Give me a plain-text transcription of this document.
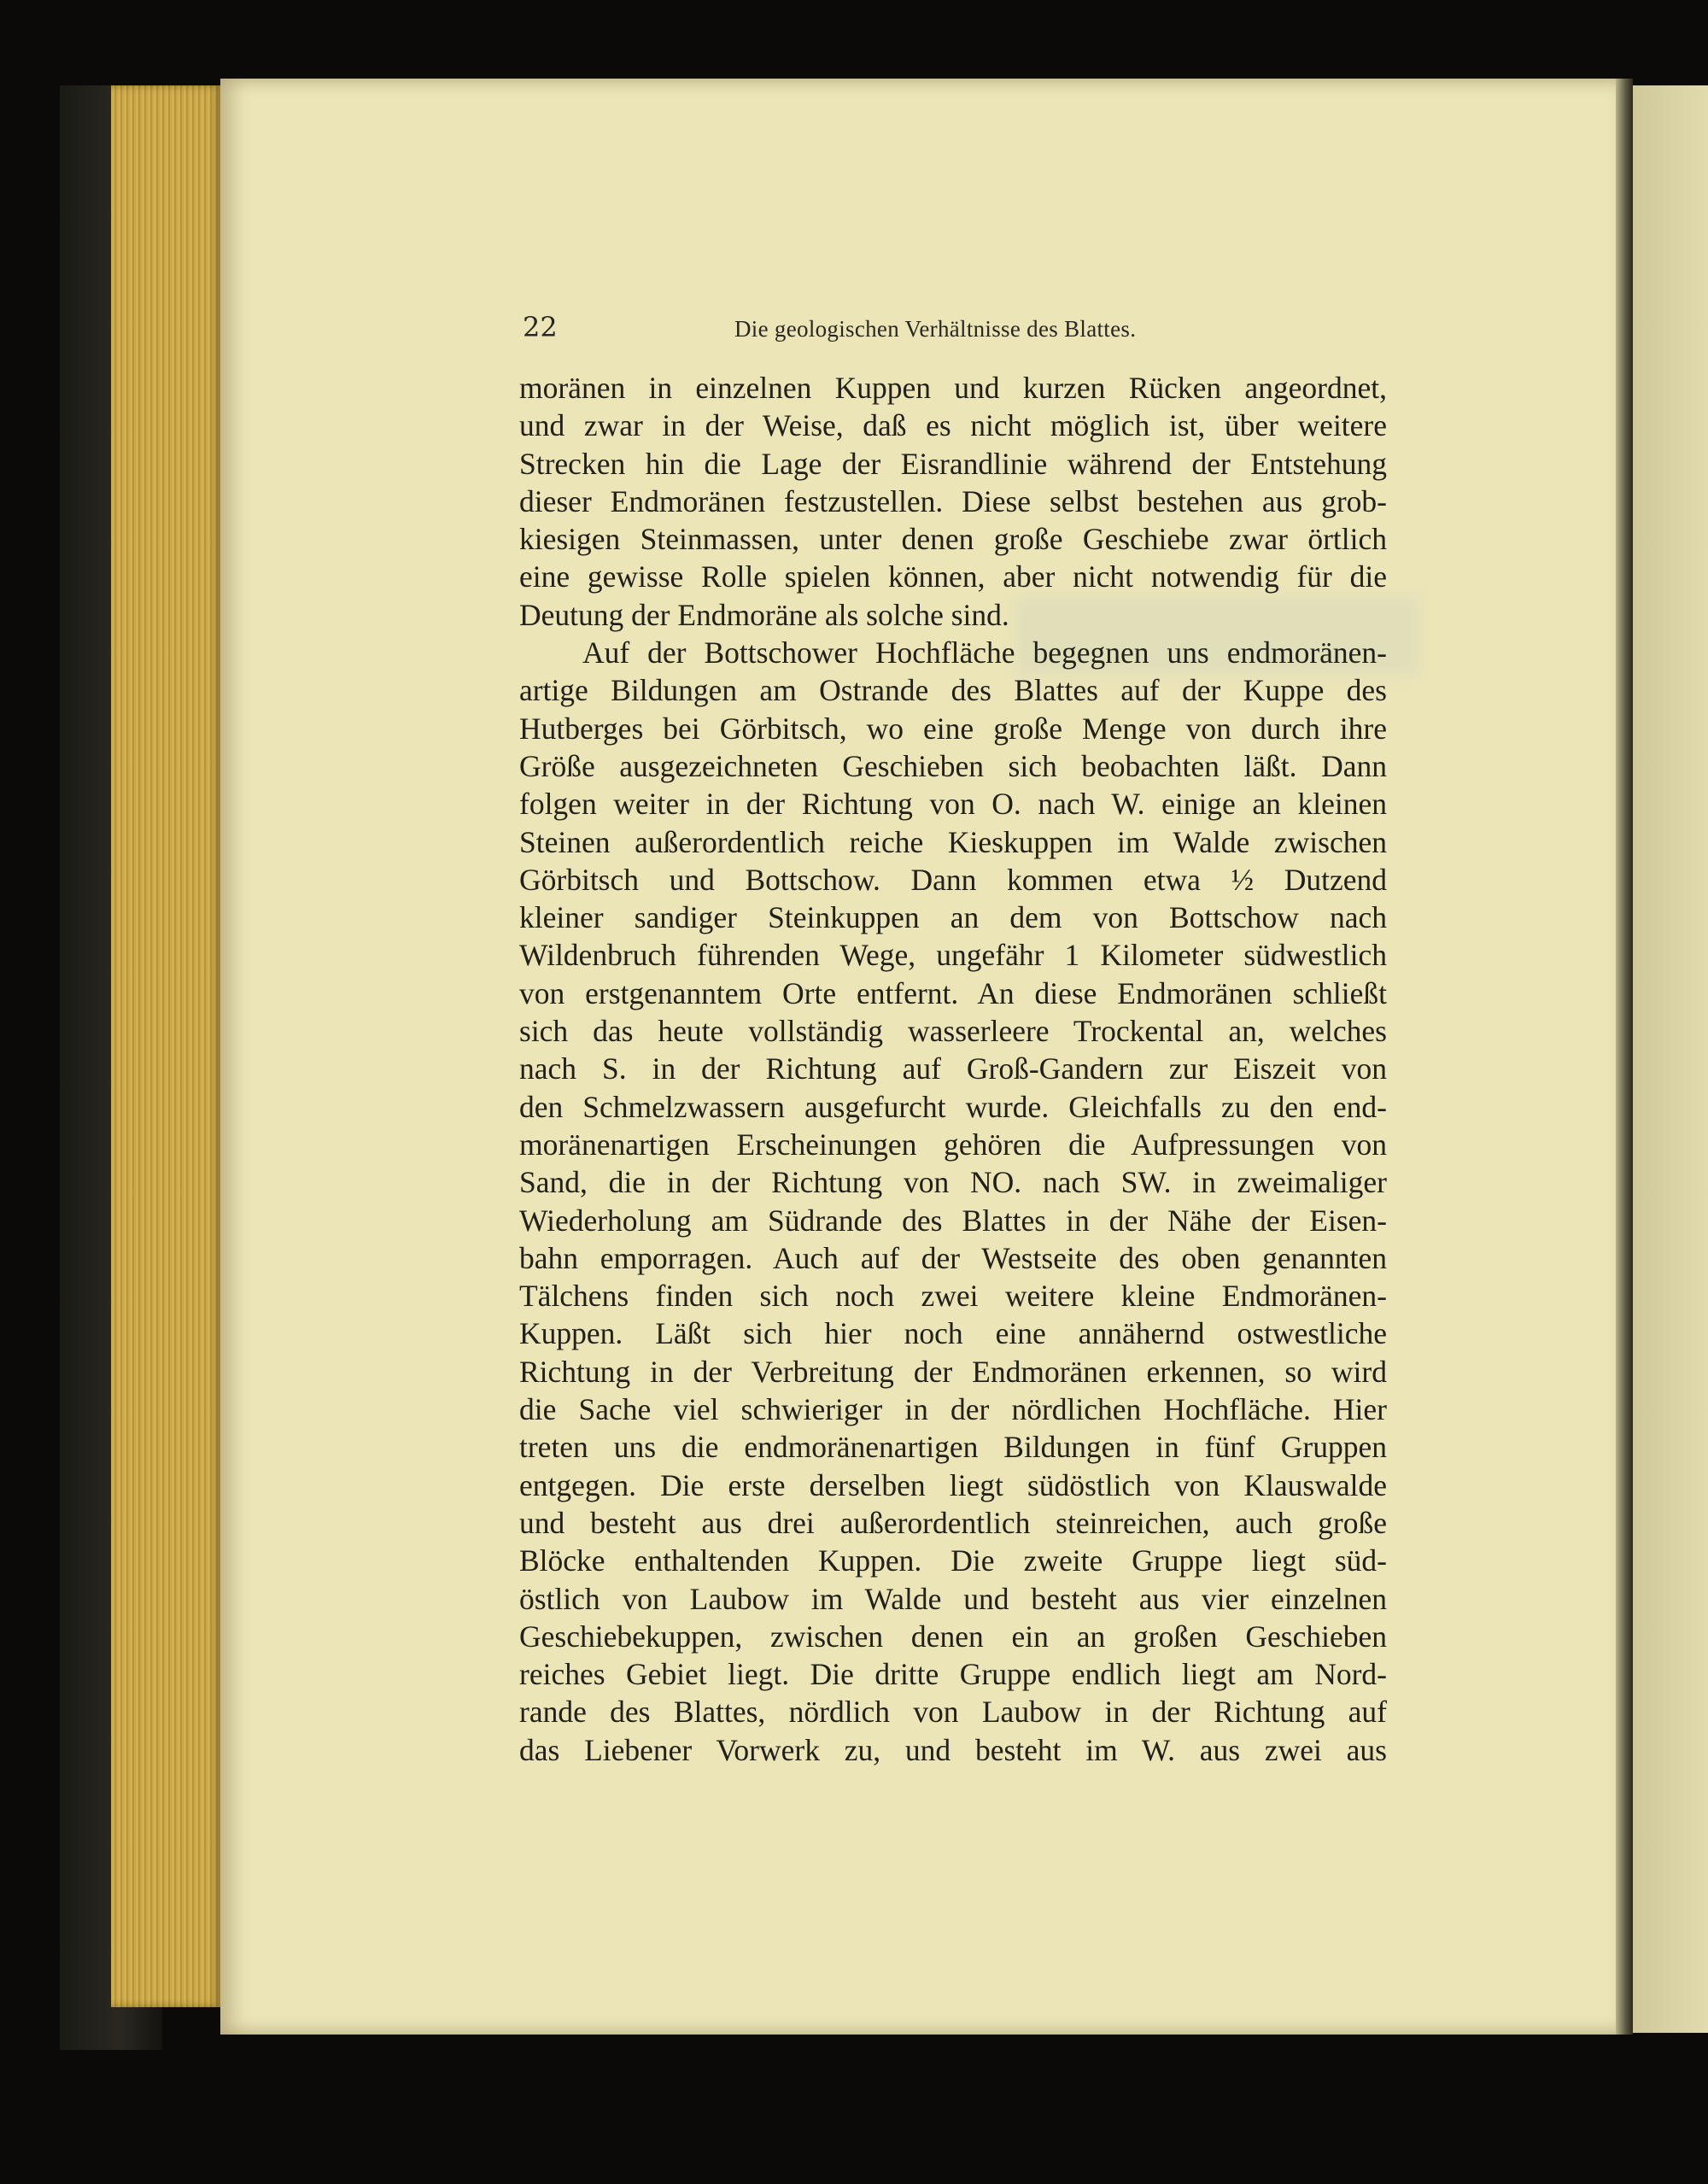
22	Die geologischen Verhältnisse des Blattes.
moränen in einzelnen Kuppen und kurzen Rücken angeordnet,
und zwar in der Weise, daß es nicht möglich ist, über weitere
Strecken hin die Lage der Eisrandlinie während der Entstehung
dieser Endmoränen festzustellen. Diese selbst bestehen aus grob-
kiesigen Steinmassen, unter denen große Geschiebe zwar örtlich
eine gewisse Rolle spielen können, aber nicht notwendig für die
Deutung der Endmoräne als solche sind.
Auf der Bottschower Hochfläche begegnen uns endmoränen-
artige Bildungen am Ostrande des Blattes auf der Kuppe des
Hutberges bei Görbitsch, wo eine große Menge von durch ihre
Größe ausgezeichneten Geschieben sich beobachten läßt. Dann
folgen weiter in der Richtung von O. nach W. einige an kleinen
Steinen außerordentlich reiche Kieskuppen im Walde zwischen
Görbitsch und Bottschow. Dann kommen etwa ½ Dutzend
kleiner sandiger Steinkuppen an dem von Bottschow nach
Wildenbruch führenden Wege, ungefähr 1 Kilometer südwestlich
von erstgenanntem Orte entfernt. An diese Endmoränen schließt
sich das heute vollständig wasserleere Trockental an, welches
nach S. in der Richtung auf Groß-Gandern zur Eiszeit von
den Schmelzwassern ausgefurcht wurde. Gleichfalls zu den end-
moränenartigen Erscheinungen gehören die Aufpressungen von
Sand, die in der Richtung von NO. nach SW. in zweimaliger
Wiederholung am Südrande des Blattes in der Nähe der Eisen-
bahn emporragen. Auch auf der Westseite des oben genannten
Tälchens finden sich noch zwei weitere kleine Endmoränen-
Kuppen. Läßt sich hier noch eine annähernd ostwestliche
Richtung in der Verbreitung der Endmoränen erkennen, so wird
die Sache viel schwieriger in der nördlichen Hochfläche. Hier
treten uns die endmoränenartigen Bildungen in fünf Gruppen
entgegen. Die erste derselben liegt südöstlich von Klauswalde
und besteht aus drei außerordentlich steinreichen, auch große
Blöcke enthaltenden Kuppen. Die zweite Gruppe liegt süd-
östlich von Laubow im Walde und besteht aus vier einzelnen
Geschiebekuppen, zwischen denen ein an großen Geschieben
reiches Gebiet liegt. Die dritte Gruppe endlich liegt am Nord-
rande des Blattes, nördlich von Laubow in der Richtung auf
das Liebener Vorwerk zu, und besteht im W. aus zwei aus
